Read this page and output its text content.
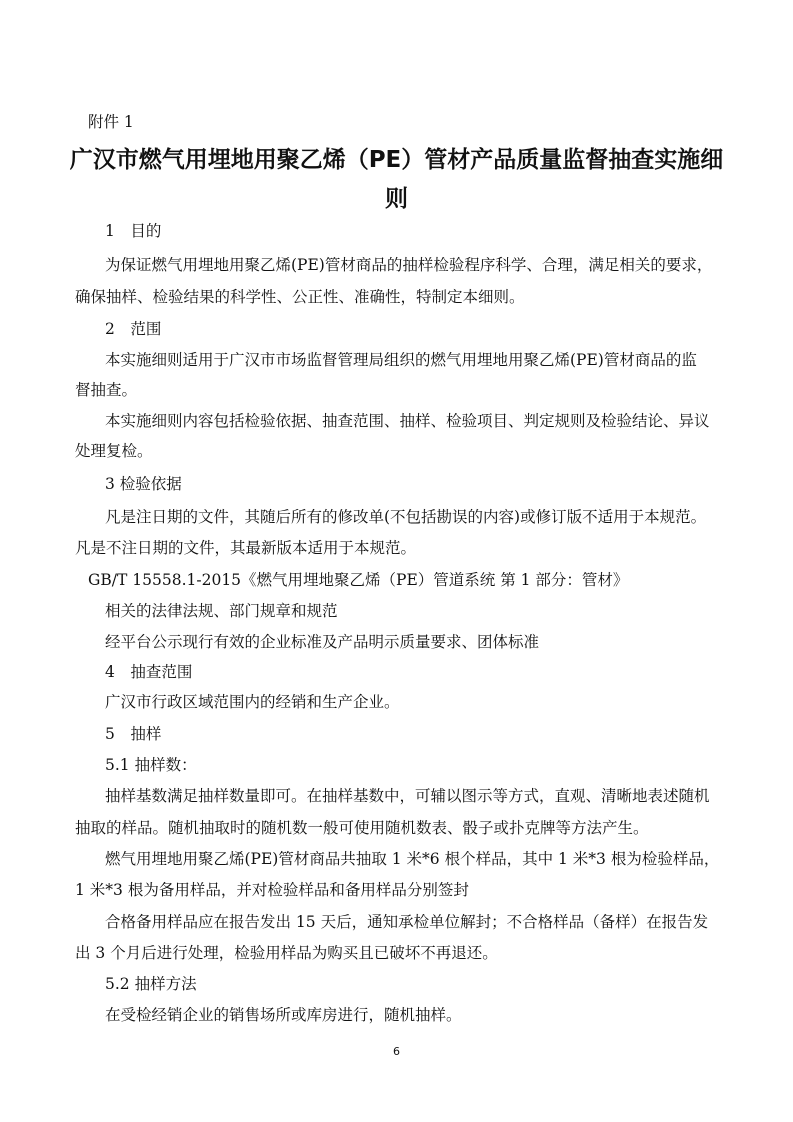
附件 1
广汉市燃气用埋地用聚乙烯（PE）管材产品质量监督抽查实施细
则
1　目的
为保证燃气用埋地用聚乙烯(PE)管材商品的抽样检验程序科学、合理，满足相关的要求，
确保抽样、检验结果的科学性、公正性、准确性，特制定本细则。
2　范围
本实施细则适用于广汉市市场监督管理局组织的燃气用埋地用聚乙烯(PE)管材商品的监
督抽查。
本实施细则内容包括检验依据、抽查范围、抽样、检验项目、判定规则及检验结论、异议
处理复检。
3 检验依据
凡是注日期的文件，其随后所有的修改单(不包括勘误的内容)或修订版不适用于本规范。
凡是不注日期的文件，其最新版本适用于本规范。
GB/T 15558.1-2015《燃气用埋地聚乙烯（PE）管道系统 第 1 部分：管材》
相关的法律法规、部门规章和规范
经平台公示现行有效的企业标准及产品明示质量要求、团体标准
4　抽查范围
广汉市行政区域范围内的经销和生产企业。
5　抽样
5.1 抽样数：
抽样基数满足抽样数量即可。在抽样基数中，可辅以图示等方式，直观、清晰地表述随机
抽取的样品。随机抽取时的随机数一般可使用随机数表、骰子或扑克牌等方法产生。
燃气用埋地用聚乙烯(PE)管材商品共抽取 1 米*6 根个样品，其中 1 米*3 根为检验样品，
1 米*3 根为备用样品，并对检验样品和备用样品分别签封
合格备用样品应在报告发出 15 天后，通知承检单位解封；不合格样品（备样）在报告发
出 3 个月后进行处理，检验用样品为购买且已破坏不再退还。
5.2 抽样方法
在受检经销企业的销售场所或库房进行，随机抽样。
6
